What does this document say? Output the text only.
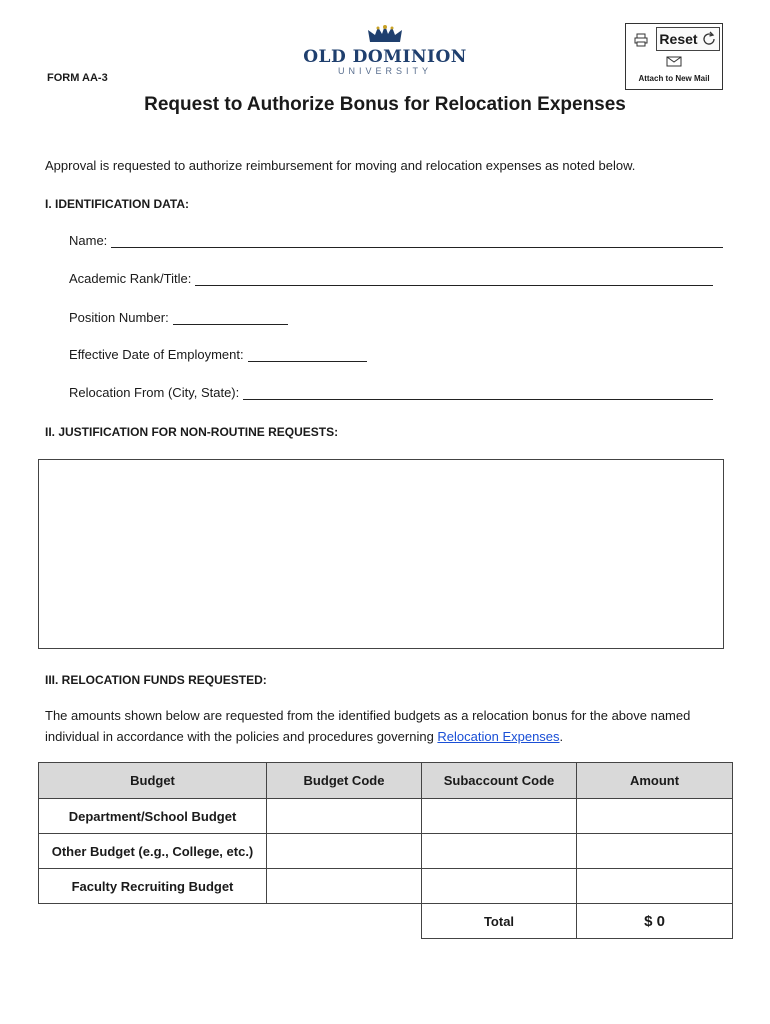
FORM AA-3
OLD DOMINION
UNIVERSITY
Reset
Attach to New Mail
Request to Authorize Bonus for Relocation Expenses
Approval is requested to authorize reimbursement for moving and relocation expenses as noted below.
I. IDENTIFICATION DATA:
Name:
Academic Rank/Title:
Position Number:
Effective Date of Employment:
Relocation From (City, State):
II. JUSTIFICATION FOR NON-ROUTINE REQUESTS:
III. RELOCATION FUNDS REQUESTED:
The amounts shown below are requested from the identified budgets as a relocation bonus for the above named individual in accordance with the policies and procedures governing Relocation Expenses.
Budget	Budget Code	Subaccount Code	Amount
Department/School Budget			
Other Budget (e.g., College, etc.)			
Faculty Recruiting Budget			
		Total	$ 0
